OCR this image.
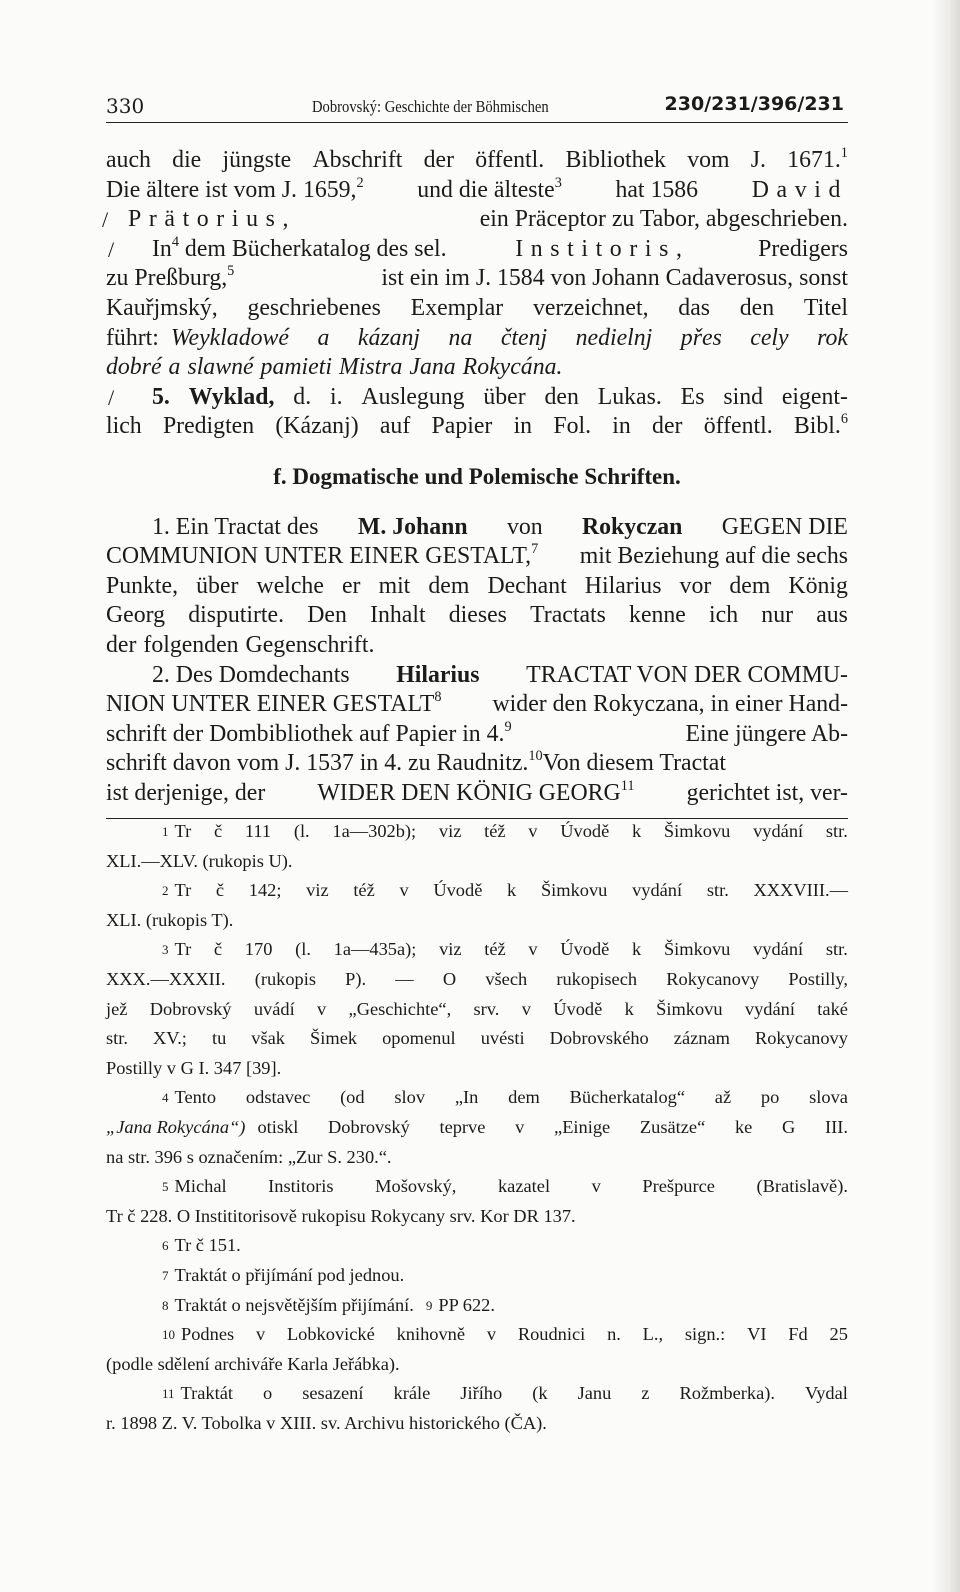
330	Dobrovský: Geschichte der Böhmischen	230/231/396/231
auch die jüngste Abschrift der öffentl. Bibliothek vom J. 1671.$^1$
Die ältere ist vom J. 1659,$^2$ und die älteste$^3$ hat 1586 David
/ Prätorius,	ein Präceptor zu Tabor, abgeschrieben.
/	In$^4$ dem Bücherkatalog des sel.	Institoris,	Predigers
zu Preßburg,$^5$	ist ein im J. 1584 von Johann Cadaverosus, sonst
Kauřjmský, geschriebenes Exemplar verzeichnet, das den Titel
führt: Weykladowé a kázanj na čtenj nedielnj přes cely rok
dobré a slawné pamieti Mistra Jana Rokycána.
/ 5. Wyklad, d. i. Auslegung über den Lukas. Es sind eigent-
lich Predigten (Kázanj) auf Papier in Fol. in der öffentl. Bibl.$^6$
f. Dogmatische und Polemische Schriften.
1. Ein Tractat des M. Johann von Rokyczan GEGEN DIE
COMMUNION UNTER EINER GESTALT,$^7$ mit Beziehung auf die sechs
Punkte, über welche er mit dem Dechant Hilarius vor dem König
Georg disputirte. Den Inhalt dieses Tractats kenne ich nur aus
der folgenden Gegenschrift.
2. Des Domdechants Hilarius TRACTAT VON DER COMMU-
NION UNTER EINER GESTALT$^8$ wider den Rokyczana, in einer Hand-
schrift der Dombibliothek auf Papier in 4.$^9$	Eine jüngere Ab-
schrift davon vom J. 1537 in 4. zu Raudnitz.$^{10}$Von diesem Tractat
ist derjenige, der WIDER DEN KÖNIG GEORG$^{11}$ gerichtet ist, ver-
1 Tr č 111 (l. 1a—302b); viz též v Úvodě k Šimkovu vydání str.
XLI.—XLV. (rukopis U).
2 Tr č 142; viz též v Úvodě k Šimkovu vydání str. XXXVIII.—
XLI. (rukopis T).
3 Tr č 170 (l. 1a—435a); viz též v Úvodě k Šimkovu vydání str.
XXX.—XXXII. (rukopis P). — O všech rukopisech Rokycanovy Postilly,
jež Dobrovský uvádí v „Geschichte“, srv. v Úvodě k Šimkovu vydání také
str. XV.; tu však Šimek opomenul uvésti Dobrovského záznam Rokycanovy
Postilly v G I. 347 [39].
4 Tento odstavec (od slov „In dem Bücherkatalog“ až po slova
„Jana Rokycána“) otiskl Dobrovský teprve v „Einige Zusätze“ ke G III.
na str. 396 s označením: „Zur S. 230.“.
5 Michal Institoris Mošovský, kazatel v Prešpurce (Bratislavě).
Tr č 228. O Instititorisově rukopisu Rokycany srv. Kor DR 137.
6 Tr č 151.
7 Traktát o přijímání pod jednou.
8 Traktát o nejsvětějším přijímání. 9 PP 622.
10 Podnes v Lobkovické knihovně v Roudnici n. L., sign.: VI Fd 25
(podle sdělení archiváře Karla Jeřábka).
11 Traktát o sesazení krále Jiřího (k Janu z Rožmberka). Vydal
r. 1898 Z. V. Tobolka v XIII. sv. Archivu historického (ČA).
